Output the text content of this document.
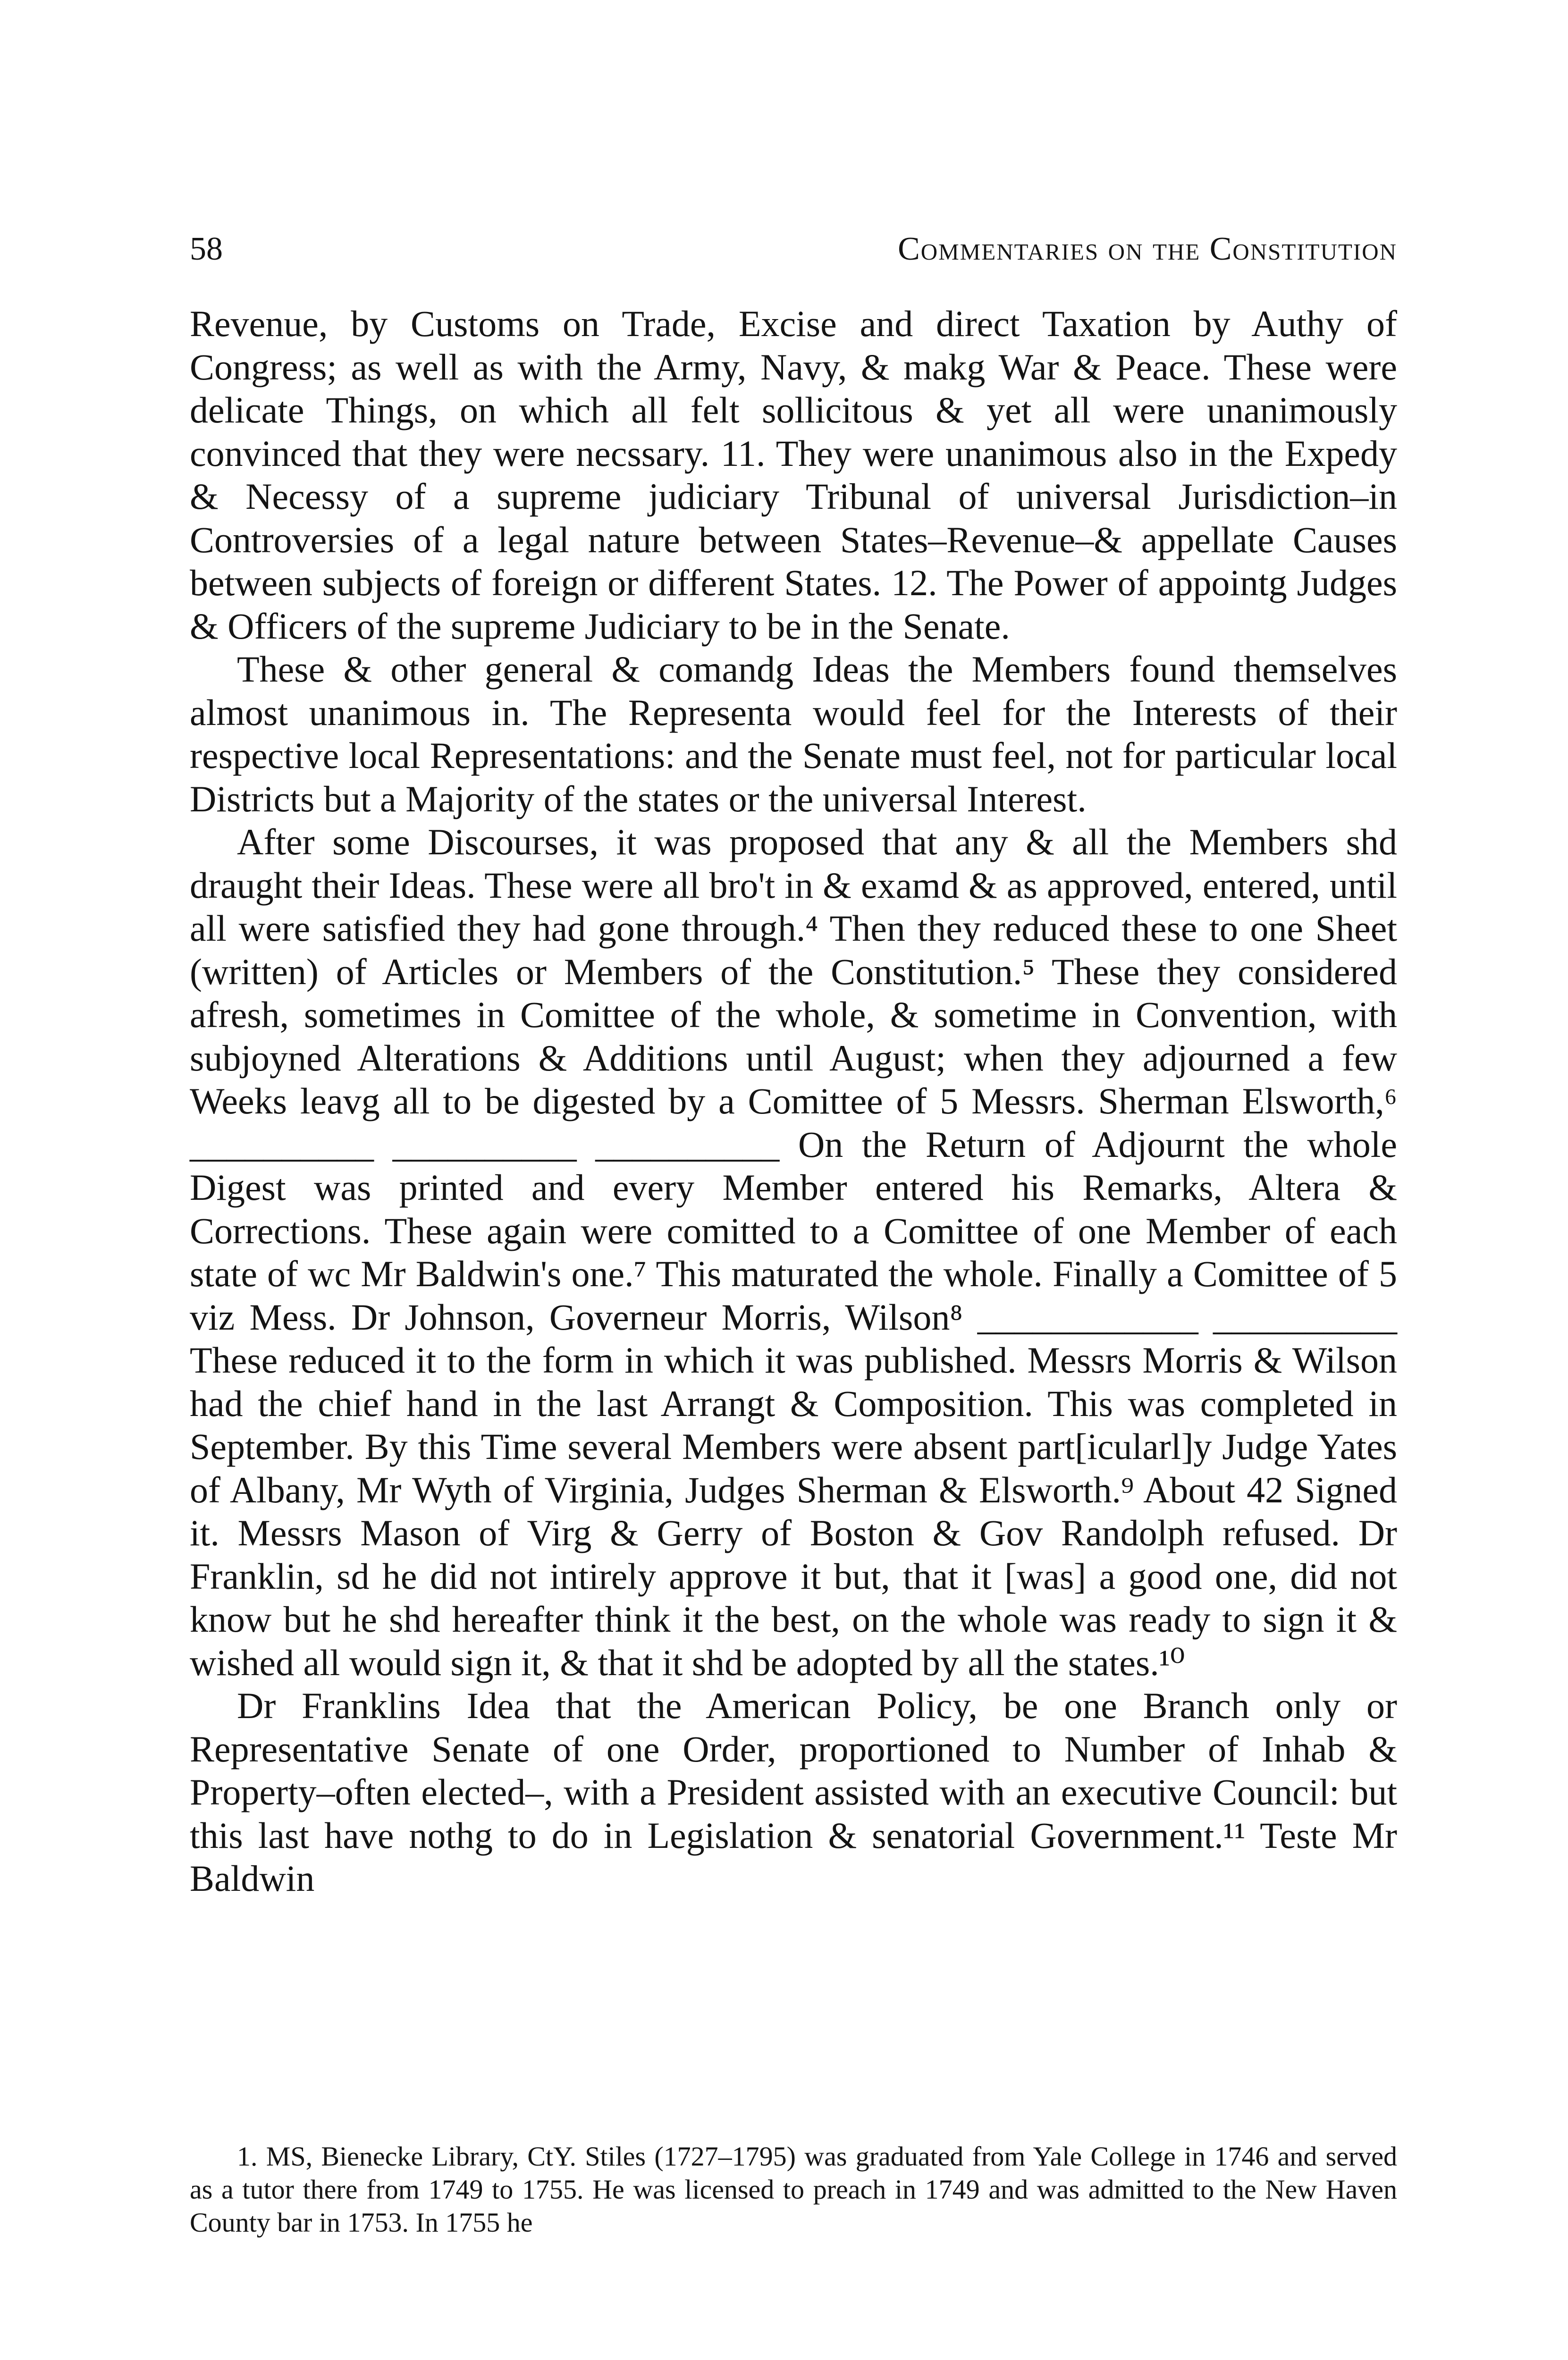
58	Commentaries on the Constitution

Revenue, by Customs on Trade, Excise and direct Taxation by Authy of Congress; as well as with the Army, Navy, & makg War & Peace. These were delicate Things, on which all felt sollicitous & yet all were unanimously convinced that they were necssary. 11. They were unanimous also in the Expedy & Necessy of a supreme judiciary Tribunal of universal Jurisdiction–in Controversies of a legal nature between States–Revenue–& appellate Causes between subjects of foreign or different States. 12. The Power of appointg Judges & Officers of the supreme Judiciary to be in the Senate.

These & other general & comandg Ideas the Members found themselves almost unanimous in. The Representa would feel for the Interests of their respective local Representations: and the Senate must feel, not for particular local Districts but a Majority of the states or the universal Interest.

After some Discourses, it was proposed that any & all the Members shd draught their Ideas. These were all bro't in & examd & as approved, entered, until all were satisfied they had gone through.⁴ Then they reduced these to one Sheet (written) of Articles or Members of the Constitution.⁵ These they considered afresh, sometimes in Comittee of the whole, & sometime in Convention, with subjoyned Alterations & Additions until August; when they adjourned a few Weeks leavg all to be digested by a Comittee of 5 Messrs. Sherman Elsworth,⁶ __________ __________ __________ On the Return of Adjournt the whole Digest was printed and every Member entered his Remarks, Altera & Corrections. These again were comitted to a Comittee of one Member of each state of wc Mr Baldwin's one.⁷ This maturated the whole. Finally a Comittee of 5 viz Mess. Dr Johnson, Governeur Morris, Wilson⁸ ____________ __________ These reduced it to the form in which it was published. Messrs Morris & Wilson had the chief hand in the last Arrangt & Composition. This was completed in September. By this Time several Members were absent part[icularl]y Judge Yates of Albany, Mr Wyth of Virginia, Judges Sherman & Elsworth.⁹ About 42 Signed it. Messrs Mason of Virg & Gerry of Boston & Gov Randolph refused. Dr Franklin, sd he did not intirely approve it but, that it [was] a good one, did not know but he shd hereafter think it the best, on the whole was ready to sign it & wished all would sign it, & that it shd be adopted by all the states.¹⁰

Dr Franklins Idea that the American Policy, be one Branch only or Representative Senate of one Order, proportioned to Number of Inhab & Property–often elected–, with a President assisted with an executive Council: but this last have nothg to do in Legislation & senatorial Government.¹¹ Teste Mr Baldwin

1. MS, Bienecke Library, CtY. Stiles (1727–1795) was graduated from Yale College in 1746 and served as a tutor there from 1749 to 1755. He was licensed to preach in 1749 and was admitted to the New Haven County bar in 1753. In 1755 he
